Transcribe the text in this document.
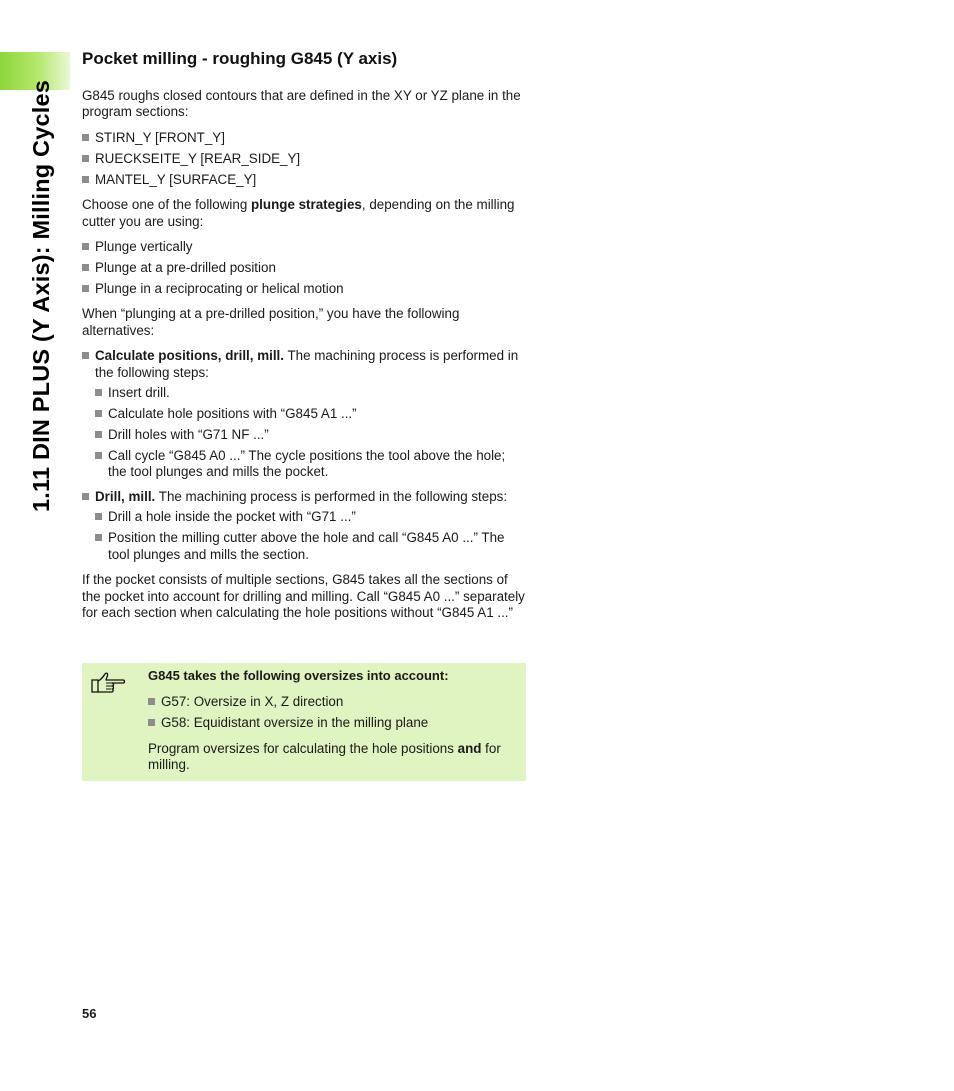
1.11 DIN PLUS (Y Axis): Milling Cycles
Pocket milling - roughing G845 (Y axis)

G845 roughs closed contours that are defined in the XY or YZ plane in the program sections:

STIRN_Y [FRONT_Y]
RUECKSEITE_Y [REAR_SIDE_Y]
MANTEL_Y [SURFACE_Y]

Choose one of the following plunge strategies, depending on the milling cutter you are using:

Plunge vertically
Plunge at a pre-drilled position
Plunge in a reciprocating or helical motion

When “plunging at a pre-drilled position,” you have the following alternatives:

Calculate positions, drill, mill. The machining process is performed in the following steps:
Insert drill.
Calculate hole positions with “G845 A1 ...”
Drill holes with “G71 NF ...”
Call cycle “G845 A0 ...” The cycle positions the tool above the hole; the tool plunges and mills the pocket.
Drill, mill. The machining process is performed in the following steps:
Drill a hole inside the pocket with “G71 ...”
Position the milling cutter above the hole and call “G845 A0 ...” The tool plunges and mills the section.

If the pocket consists of multiple sections, G845 takes all the sections of the pocket into account for drilling and milling. Call “G845 A0 ...” separately for each section when calculating the hole positions without “G845 A1 ...”

G845 takes the following oversizes into account:

G57: Oversize in X, Z direction
G58: Equidistant oversize in the milling plane

Program oversizes for calculating the hole positions and for milling.

56
